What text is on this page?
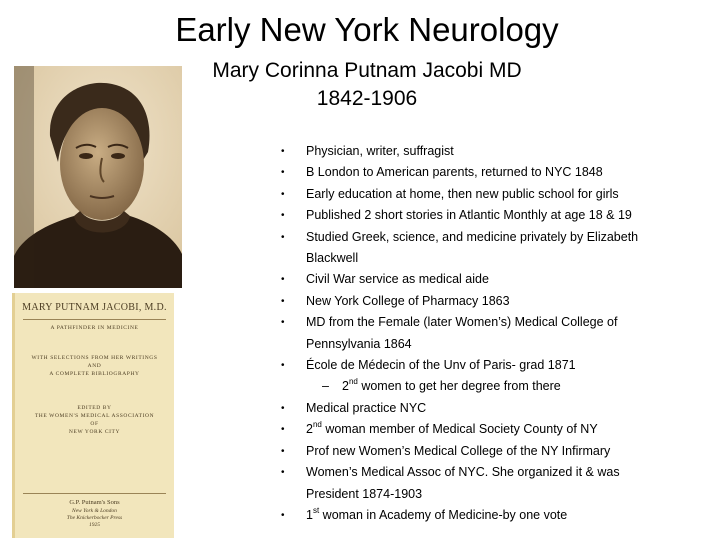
Early New York Neurology
Mary Corinna Putnam Jacobi MD
1842-1906
MARY PUTNAM JACOBI, M.D.
A PATHFINDER IN MEDICINE
WITH SELECTIONS FROM HER WRITINGS
AND
A COMPLETE BIBLIOGRAPHY
EDITED BY
THE WOMEN'S MEDICAL ASSOCIATION
OF
NEW YORK CITY
G.P. Putnam's Sons
New York & London
The Knickerbocker Press
1925
• Physician, writer, suffragist
• B London to American parents, returned to NYC 1848
• Early education at home, then new public school for girls
• Published 2 short stories in Atlantic Monthly at age 18 & 19
• Studied Greek, science, and medicine privately by Elizabeth
Blackwell
• Civil War service as medical aide
• New York College of Pharmacy 1863
• MD from the Female (later Women’s) Medical College of
Pennsylvania 1864
• École de Médecin of the Unv of Paris- grad 1871
– 2nd women to get her degree from there
• Medical practice NYC
• 2nd woman member of Medical Society County of NY
• Prof new Women’s Medical College of the NY Infirmary
• Women’s Medical Assoc of NYC. She organized it & was
President 1874-1903
• 1st woman in Academy of Medicine-by one vote
